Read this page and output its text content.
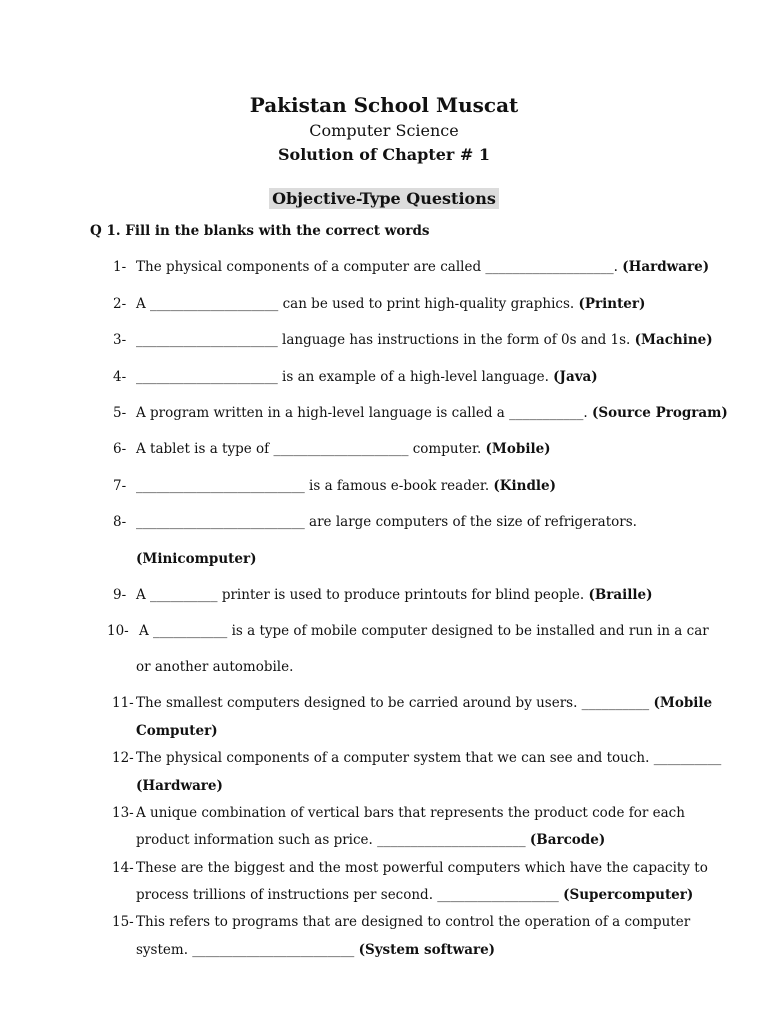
Pakistan School Muscat
Computer Science
Solution of Chapter # 1
Objective-Type Questions
Q 1. Fill in the blanks with the correct words
1- The physical components of a computer are called ___________________. (Hardware)
2- A ___________________ can be used to print high-quality graphics. (Printer)
3- _____________________ language has instructions in the form of 0s and 1s. (Machine)
4- _____________________ is an example of a high-level language. (Java)
5- A program written in a high-level language is called a ___________. (Source Program)
6- A tablet is a type of ____________________ computer. (Mobile)
7- _________________________ is a famous e-book reader. (Kindle)
8- _________________________ are large computers of the size of refrigerators.
(Minicomputer)
9- A __________ printer is used to produce printouts for blind people. (Braille)
10- A ___________ is a type of mobile computer designed to be installed and run in a car
or another automobile.
11- The smallest computers designed to be carried around by users. __________ (Mobile
Computer)
12- The physical components of a computer system that we can see and touch. __________
(Hardware)
13- A unique combination of vertical bars that represents the product code for each
product information such as price. ______________________ (Barcode)
14- These are the biggest and the most powerful computers which have the capacity to
process trillions of instructions per second. __________________ (Supercomputer)
15- This refers to programs that are designed to control the operation of a computer
system. ________________________ (System software)
